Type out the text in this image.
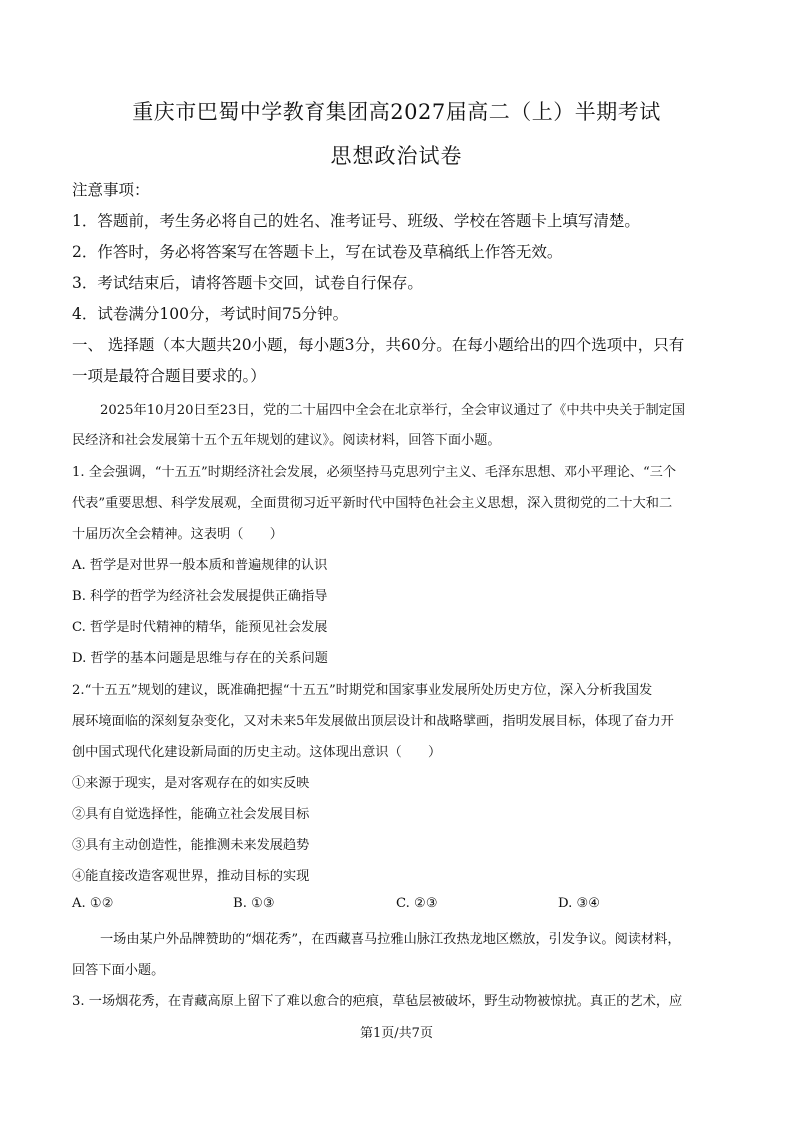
重庆市巴蜀中学教育集团高2027届高二（上）半期考试
思想政治试卷
注意事项：
1．答题前，考生务必将自己的姓名、准考证号、班级、学校在答题卡上填写清楚。
2．作答时，务必将答案写在答题卡上，写在试卷及草稿纸上作答无效。
3．考试结束后，请将答题卡交回，试卷自行保存。
4．试卷满分100分，考试时间75分钟。
一、 选择题（本大题共20小题，每小题3分，共60分。在每小题给出的四个选项中，只有
一项是最符合题目要求的。）
2025年10月20日至23日，党的二十届四中全会在北京举行，全会审议通过了《中共中央关于制定国
民经济和社会发展第十五个五年规划的建议》。阅读材料，回答下面小题。
1. 全会强调，“十五五”时期经济社会发展，必须坚持马克思列宁主义、毛泽东思想、邓小平理论、“三个
代表”重要思想、科学发展观，全面贯彻习近平新时代中国特色社会主义思想，深入贯彻党的二十大和二
十届历次全会精神。这表明（　　）
A. 哲学是对世界一般本质和普遍规律的认识
B. 科学的哲学为经济社会发展提供正确指导
C. 哲学是时代精神的精华，能预见社会发展
D. 哲学的基本问题是思维与存在的关系问题
2.“十五五”规划的建议，既准确把握“十五五”时期党和国家事业发展所处历史方位，深入分析我国发
展环境面临的深刻复杂变化，又对未来5年发展做出顶层设计和战略擘画，指明发展目标，体现了奋力开
创中国式现代化建设新局面的历史主动。这体现出意识（　　）
①来源于现实，是对客观存在的如实反映
②具有自觉选择性，能确立社会发展目标
③具有主动创造性，能推测未来发展趋势
④能直接改造客观世界，推动目标的实现
A. ①②	B. ①③	C. ②③	D. ③④
一场由某户外品牌赞助的“烟花秀”，在西藏喜马拉雅山脉江孜热龙地区燃放，引发争议。阅读材料，
回答下面小题。
3. 一场烟花秀，在青藏高原上留下了难以愈合的疤痕，草毡层被破坏，野生动物被惊扰。真正的艺术，应
第1页/共7页
